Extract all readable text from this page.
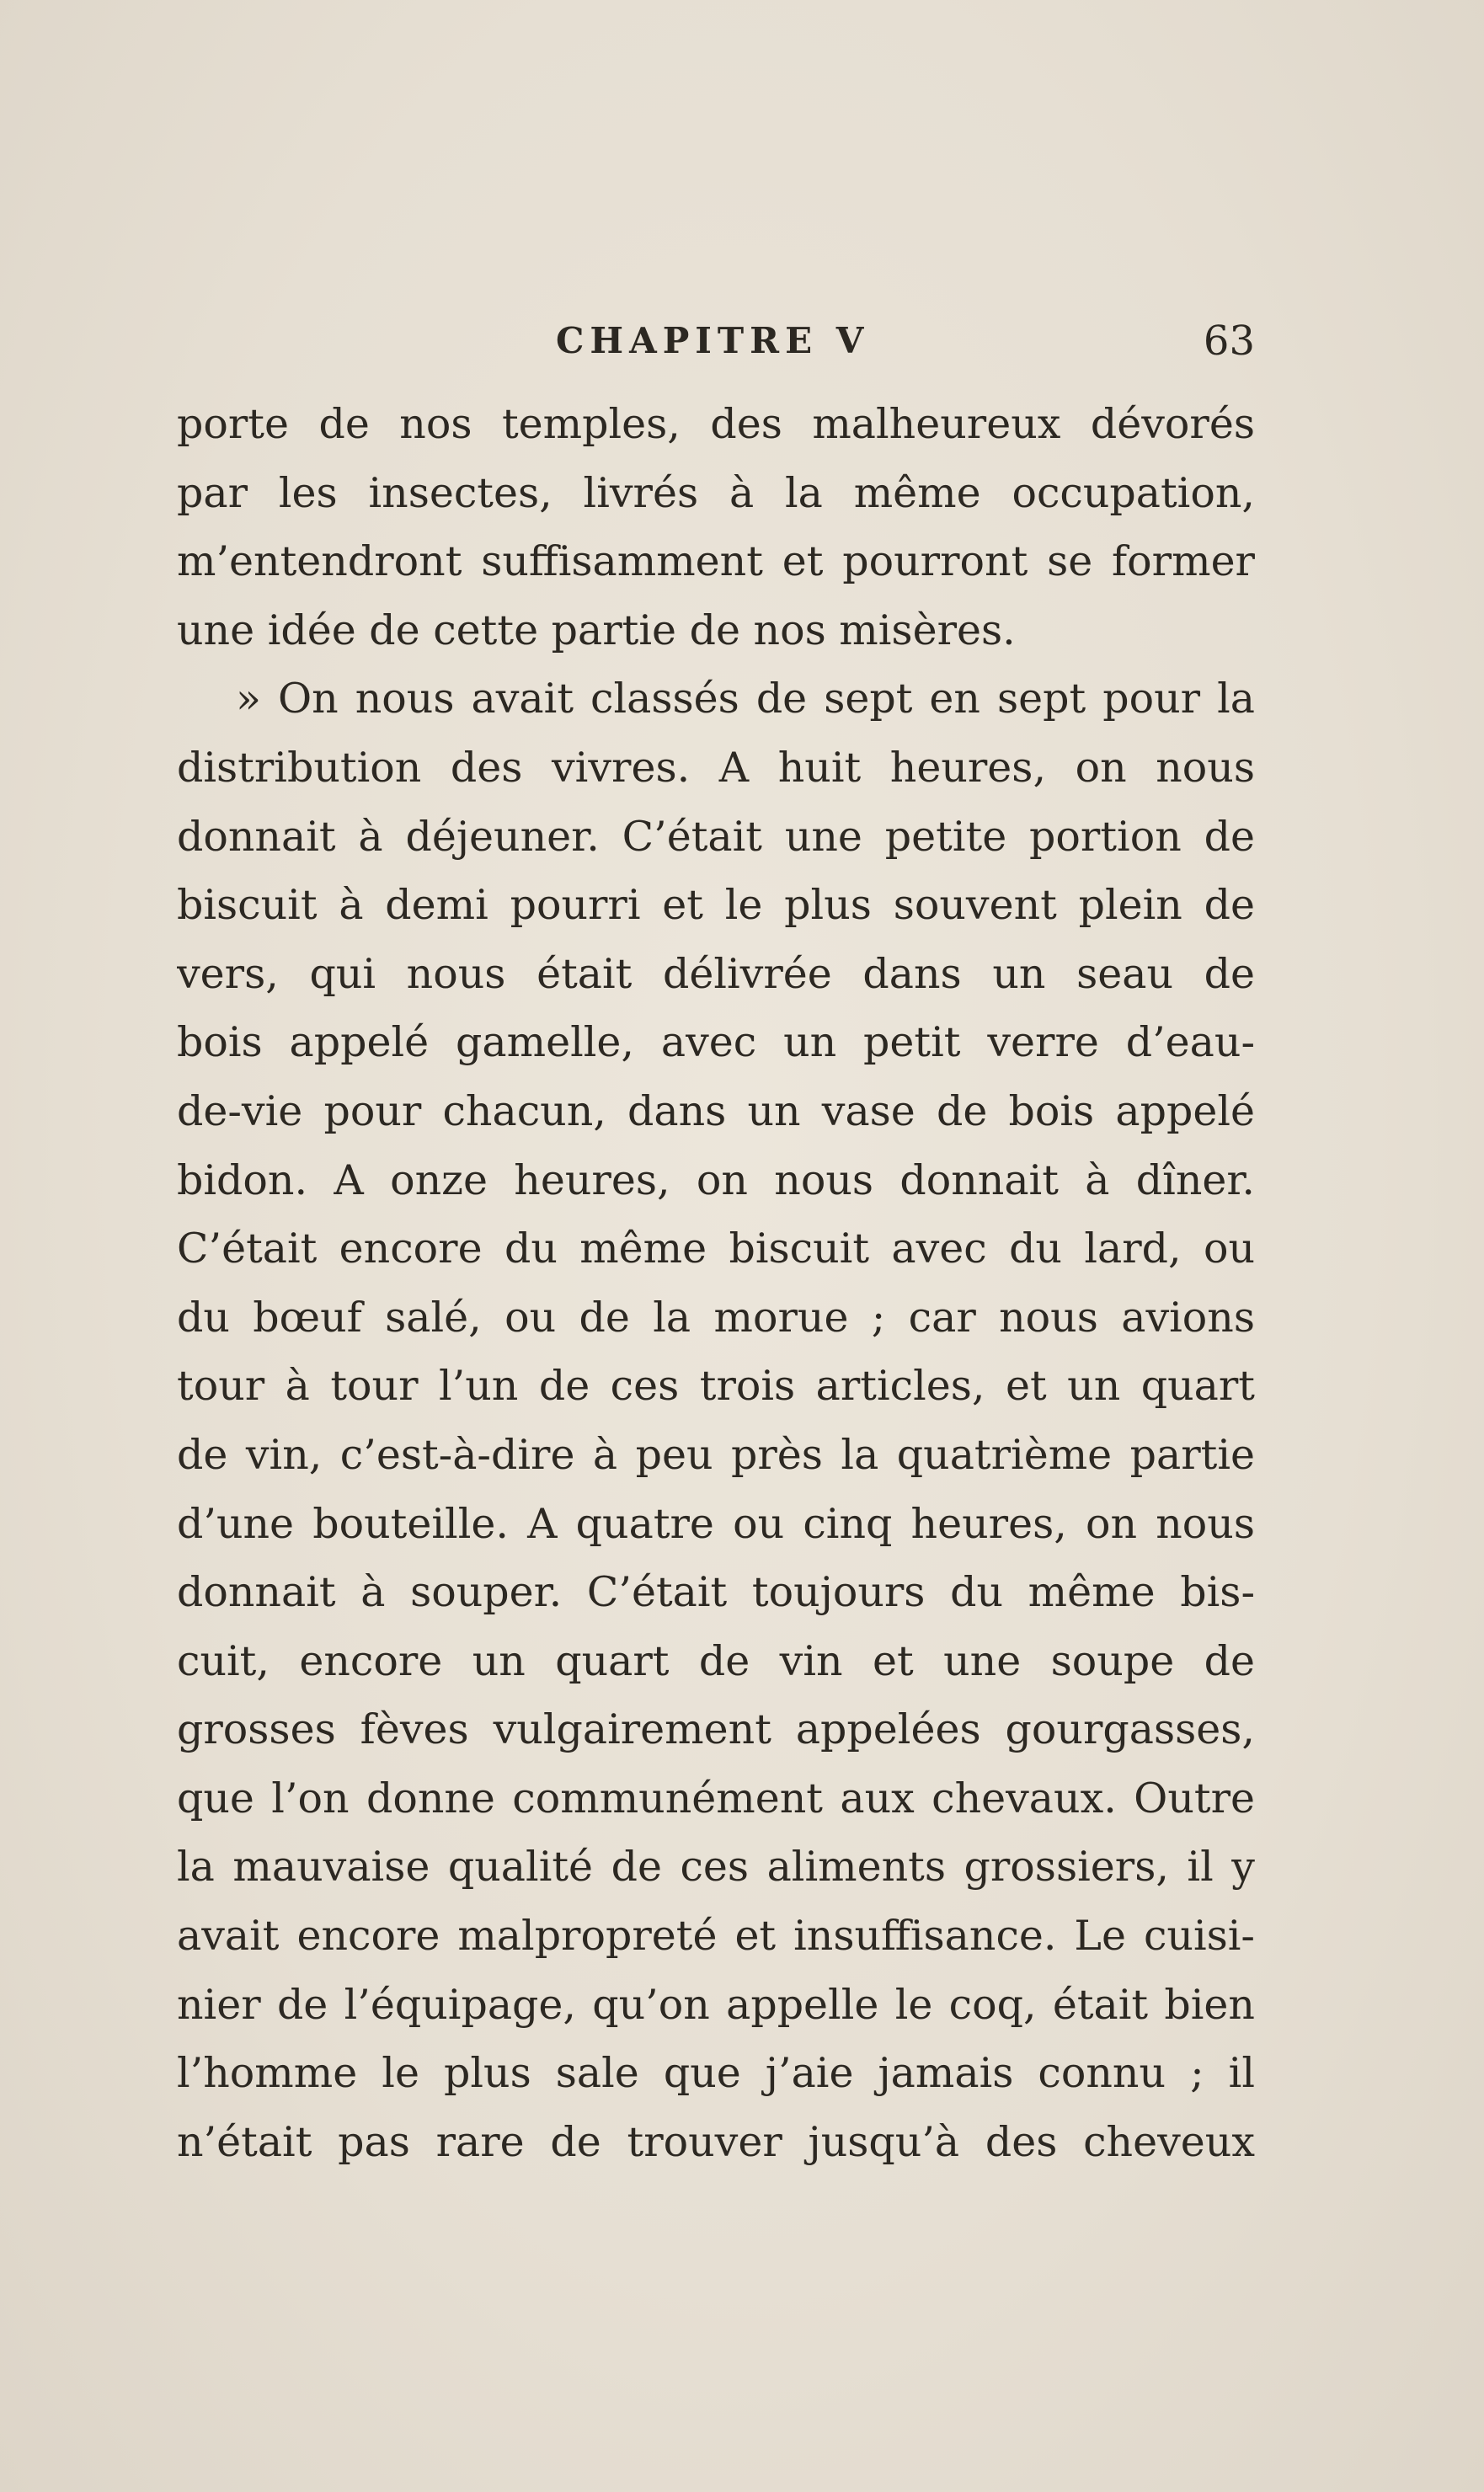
CHAPITRE V	63
porte de nos temples, des malheureux dévorés
par les insectes, livrés à la même occupation,
m’entendront suffisamment et pourront se former
une idée de cette partie de nos misères.
» On nous avait classés de sept en sept pour la
distribution des vivres. A huit heures, on nous
donnait à déjeuner. C’était une petite portion de
biscuit à demi pourri et le plus souvent plein de
vers, qui nous était délivrée dans un seau de
bois appelé gamelle, avec un petit verre d’eau-
de-vie pour chacun, dans un vase de bois appelé
bidon. A onze heures, on nous donnait à dîner.
C’était encore du même biscuit avec du lard, ou
du bœuf salé, ou de la morue ; car nous avions
tour à tour l’un de ces trois articles, et un quart
de vin, c’est-à-dire à peu près la quatrième partie
d’une bouteille. A quatre ou cinq heures, on nous
donnait à souper. C’était toujours du même bis-
cuit, encore un quart de vin et une soupe de
grosses fèves vulgairement appelées gourgasses,
que l’on donne communément aux chevaux. Outre
la mauvaise qualité de ces aliments grossiers, il y
avait encore malpropreté et insuffisance. Le cuisi-
nier de l’équipage, qu’on appelle le coq, était bien
l’homme le plus sale que j’aie jamais connu ; il
n’était pas rare de trouver jusqu’à des cheveux
